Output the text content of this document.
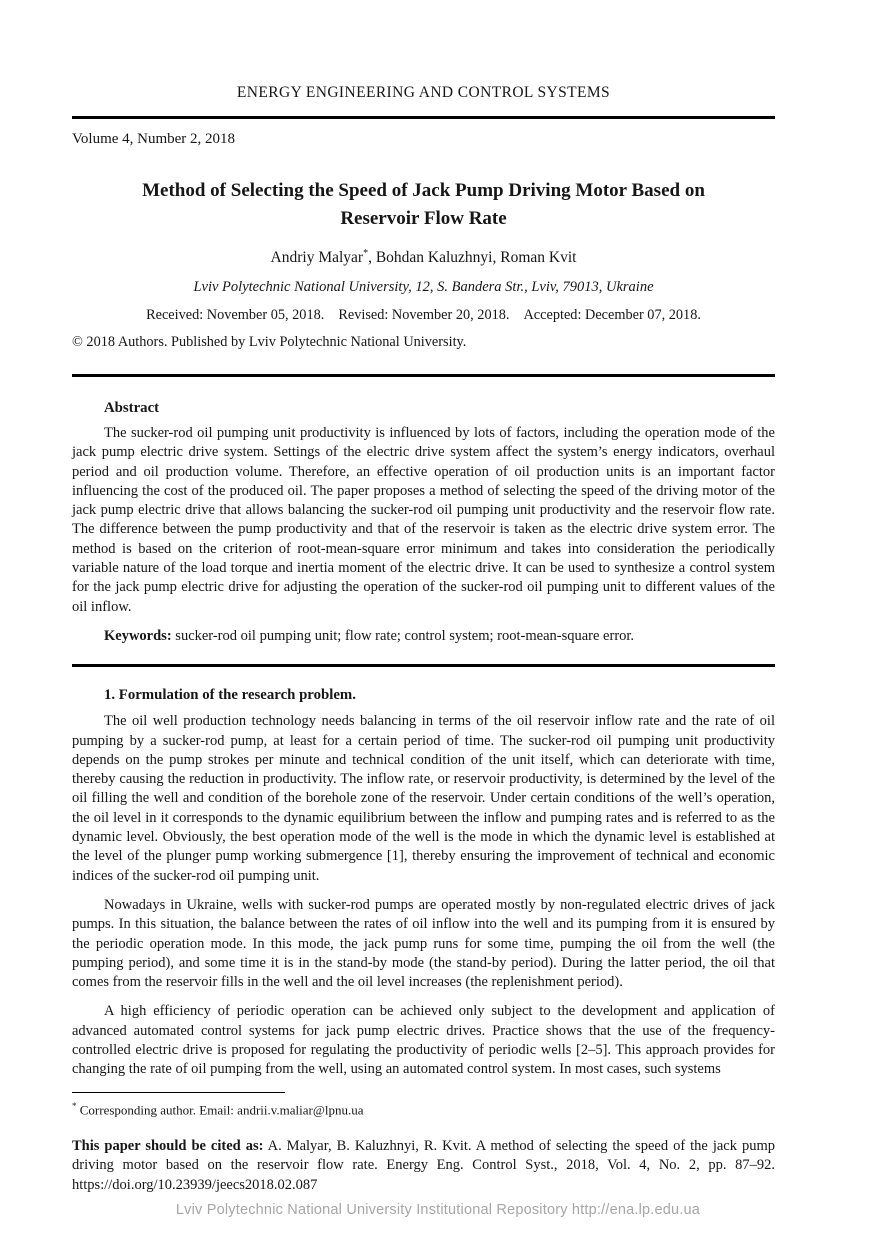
ENERGY ENGINEERING AND CONTROL SYSTEMS
Volume 4, Number 2, 2018
Method of Selecting the Speed of Jack Pump Driving Motor Based on Reservoir Flow Rate
Andriy Malyar*, Bohdan Kaluzhnyi, Roman Kvit
Lviv Polytechnic National University, 12, S. Bandera Str., Lviv, 79013, Ukraine
Received: November 05, 2018. Revised: November 20, 2018. Accepted: December 07, 2018.
© 2018 Authors. Published by Lviv Polytechnic National University.
Abstract

The sucker-rod oil pumping unit productivity is influenced by lots of factors, including the operation mode of the jack pump electric drive system. Settings of the electric drive system affect the system’s energy indicators, overhaul period and oil production volume. Therefore, an effective operation of oil production units is an important factor influencing the cost of the produced oil. The paper proposes a method of selecting the speed of the driving motor of the jack pump electric drive that allows balancing the sucker-rod oil pumping unit productivity and the reservoir flow rate. The difference between the pump productivity and that of the reservoir is taken as the electric drive system error. The method is based on the criterion of root-mean-square error minimum and takes into consideration the periodically variable nature of the load torque and inertia moment of the electric drive. It can be used to synthesize a control system for the jack pump electric drive for adjusting the operation of the sucker-rod oil pumping unit to different values of the oil inflow.

Keywords: sucker-rod oil pumping unit; flow rate; control system; root-mean-square error.

1. Formulation of the research problem.

The oil well production technology needs balancing in terms of the oil reservoir inflow rate and the rate of oil pumping by a sucker-rod pump, at least for a certain period of time. The sucker-rod oil pumping unit productivity depends on the pump strokes per minute and technical condition of the unit itself, which can deteriorate with time, thereby causing the reduction in productivity. The inflow rate, or reservoir productivity, is determined by the level of the oil filling the well and condition of the borehole zone of the reservoir. Under certain conditions of the well’s operation, the oil level in it corresponds to the dynamic equilibrium between the inflow and pumping rates and is referred to as the dynamic level. Obviously, the best operation mode of the well is the mode in which the dynamic level is established at the level of the plunger pump working submergence [1], thereby ensuring the improvement of technical and economic indices of the sucker-rod oil pumping unit.

Nowadays in Ukraine, wells with sucker-rod pumps are operated mostly by non-regulated electric drives of jack pumps. In this situation, the balance between the rates of oil inflow into the well and its pumping from it is ensured by the periodic operation mode. In this mode, the jack pump runs for some time, pumping the oil from the well (the pumping period), and some time it is in the stand-by mode (the stand-by period). During the latter period, the oil that comes from the reservoir fills in the well and the oil level increases (the replenishment period).

A high efficiency of periodic operation can be achieved only subject to the development and application of advanced automated control systems for jack pump electric drives. Practice shows that the use of the frequency-controlled electric drive is proposed for regulating the productivity of periodic wells [2–5]. This approach provides for changing the rate of oil pumping from the well, using an automated control system. In most cases, such systems

* Corresponding author. Email: andrii.v.maliar@lpnu.ua

This paper should be cited as: A. Malyar, B. Kaluzhnyi, R. Kvit. A method of selecting the speed of the jack pump driving motor based on the reservoir flow rate. Energy Eng. Control Syst., 2018, Vol. 4, No. 2, pp. 87–92. https://doi.org/10.23939/jeecs2018.02.087

Lviv Polytechnic National University Institutional Repository http://ena.lp.edu.ua
